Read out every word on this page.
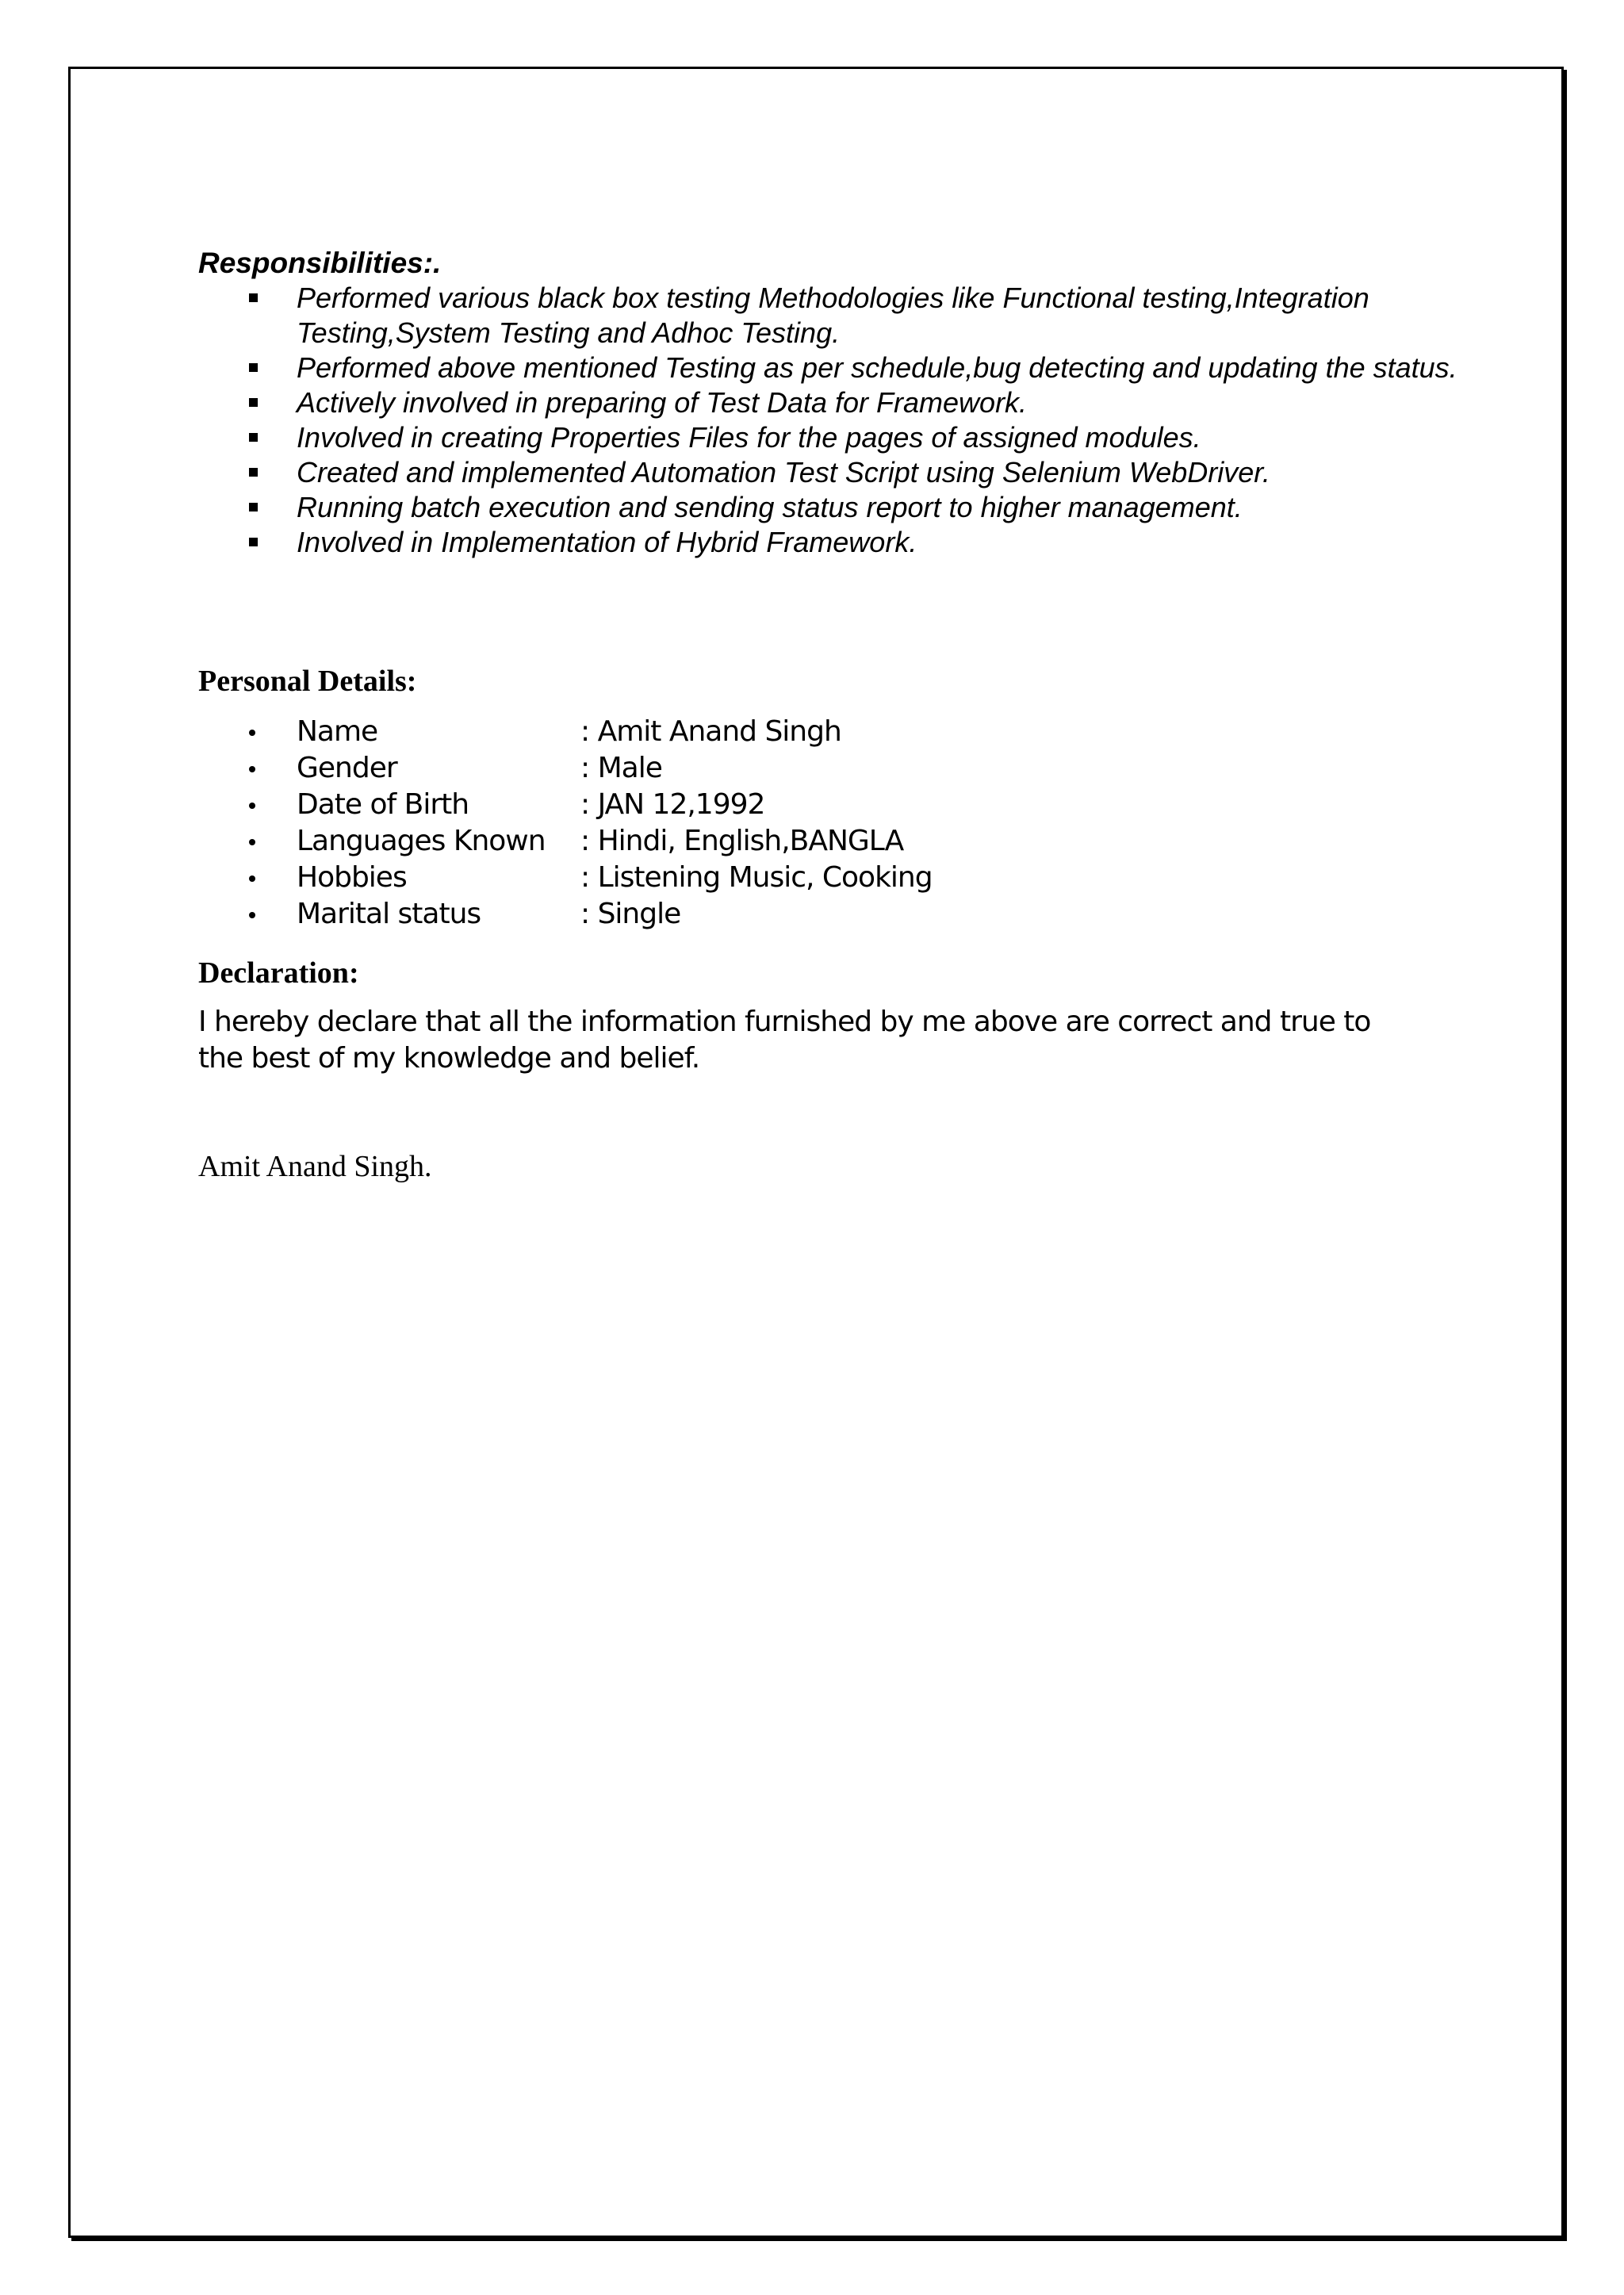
Responsibilities:.
Performed various black box testing Methodologies like Functional testing,Integration Testing,System Testing and Adhoc Testing.
Performed above mentioned Testing as per schedule,bug detecting and updating the status.
Actively involved in preparing of Test Data for Framework.
Involved in creating Properties Files for the pages of assigned modules.
Created and implemented Automation Test Script using Selenium WebDriver.
Running batch execution and sending status report to higher management.
Involved in Implementation of Hybrid Framework.
Personal Details:
Name	: Amit Anand Singh
Gender	: Male
Date of Birth	: JAN 12,1992
Languages Known : Hindi, English,BANGLA
Hobbies	: Listening Music, Cooking
Marital status	: Single
Declaration:

I hereby declare that all the information furnished by me above are correct and true to the best of my knowledge and belief.

Amit Anand Singh.
